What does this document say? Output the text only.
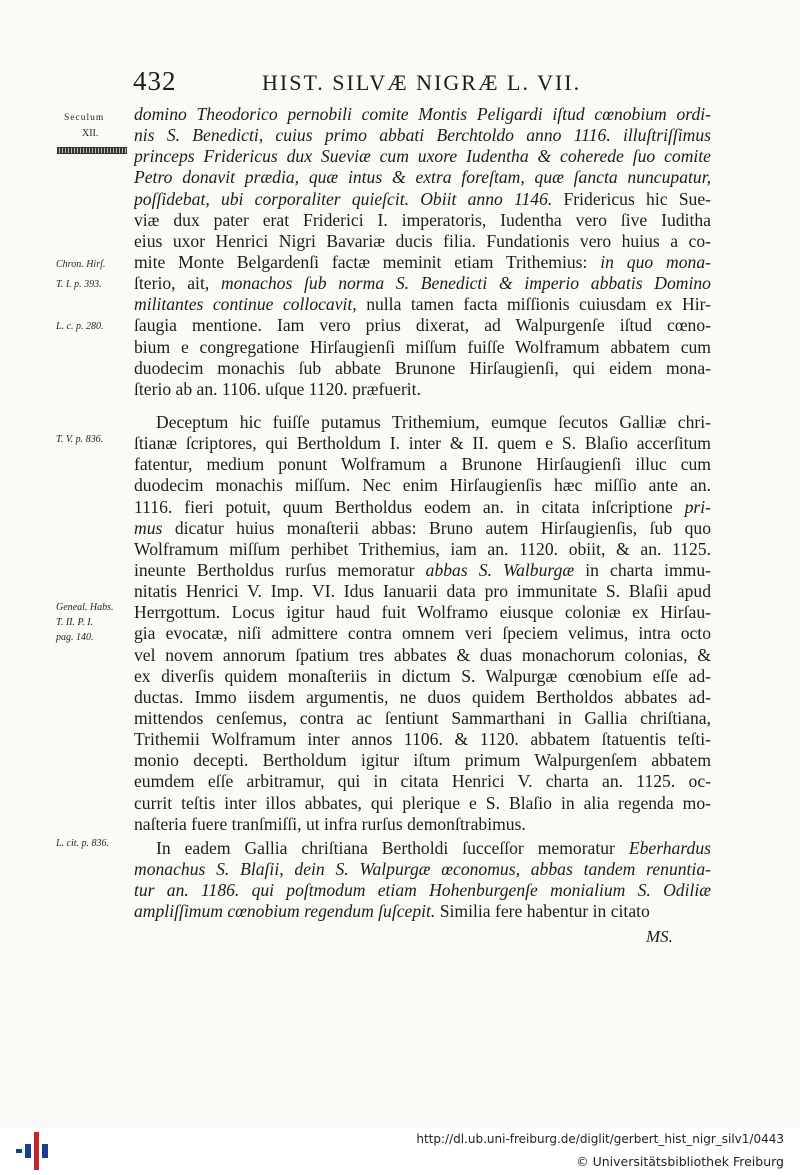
432	HIST. SILVÆ NIGRÆ L. VII.
Seculum
XII.
Chron. Hirſ.
T. I. p. 393.
L. c. p. 280.
T. V. p. 836.
Geneal. Habs.
T. II. P. I.
pag. 140.
L. cit. p. 836.
domino Theodorico pernobili comite Montis Peligardi iſtud cœnobium ordi-
nis S. Benedicti, cuius primo abbati Berchtoldo anno 1116. illuſtriſſimus
princeps Fridericus dux Sueviæ cum uxore Iudentha & coherede ſuo comite
Petro donavit prædia, quæ intus & extra foreſtam, quæ ſancta nuncupatur,
poſſidebat, ubi corporaliter quieſcit. Obiit anno 1146. Fridericus hic Sue-
viæ dux pater erat Friderici I. imperatoris, Iudentha vero ſive Iuditha
eius uxor Henrici Nigri Bavariæ ducis filia. Fundationis vero huius a co-
mite Monte Belgardenſi factæ meminit etiam Trithemius: in quo mona-
ſterio, ait, monachos ſub norma S. Benedicti & imperio abbatis Domino
militantes continue collocavit, nulla tamen facta miſſionis cuiusdam ex Hir-
ſaugia mentione. Iam vero prius dixerat, ad Walpurgenſe iſtud cœno-
bium e congregatione Hirſaugienſi miſſum fuiſſe Wolframum abbatem cum
duodecim monachis ſub abbate Brunone Hirſaugienſi, qui eidem mona-
ſterio ab an. 1106. uſque 1120. præfuerit.
Deceptum hic fuiſſe putamus Trithemium, eumque ſecutos Galliæ chri-
ſtianæ ſcriptores, qui Bertholdum I. inter & II. quem e S. Blaſio accerſitum
fatentur, medium ponunt Wolframum a Brunone Hirſaugienſi illuc cum
duodecim monachis miſſum. Nec enim Hirſaugienſis hæc miſſio ante an.
1116. fieri potuit, quum Bertholdus eodem an. in citata inſcriptione pri-
mus dicatur huius monaſterii abbas: Bruno autem Hirſaugienſis, ſub quo
Wolframum miſſum perhibet Trithemius, iam an. 1120. obiit, & an. 1125.
ineunte Bertholdus rurſus memoratur abbas S. Walburgæ in charta immu-
nitatis Henrici V. Imp. VI. Idus Ianuarii data pro immunitate S. Blaſii apud
Herrgottum. Locus igitur haud fuit Wolframo eiusque coloniæ ex Hirſau-
gia evocatæ, niſi admittere contra omnem veri ſpeciem velimus, intra octo
vel novem annorum ſpatium tres abbates & duas monachorum colonias, &
ex diverſis quidem monaſteriis in dictum S. Walpurgæ cœnobium eſſe ad-
ductas. Immo iisdem argumentis, ne duos quidem Bertholdos abbates ad-
mittendos cenſemus, contra ac ſentiunt Sammarthani in Gallia chriſtiana,
Trithemii Wolframum inter annos 1106. & 1120. abbatem ſtatuentis teſti-
monio decepti. Bertholdum igitur iſtum primum Walpurgenſem abbatem
eumdem eſſe arbitramur, qui in citata Henrici V. charta an. 1125. oc-
currit teſtis inter illos abbates, qui plerique e S. Blaſio in alia regenda mo-
naſteria fuere tranſmiſſi, ut infra rurſus demonſtrabimus.
In eadem Gallia chriſtiana Bertholdi ſucceſſor memoratur Eberhardus
monachus S. Blaſii, dein S. Walpurgæ œconomus, abbas tandem renuntia-
tur an. 1186. qui poſtmodum etiam Hohenburgenſe monialium S. Odiliæ
ampliſſimum cœnobium regendum ſuſcepit. Similia fere habentur in citato
MS.
http://dl.ub.uni-freiburg.de/diglit/gerbert_hist_nigr_silv1/0443
© Universitätsbibliothek Freiburg
